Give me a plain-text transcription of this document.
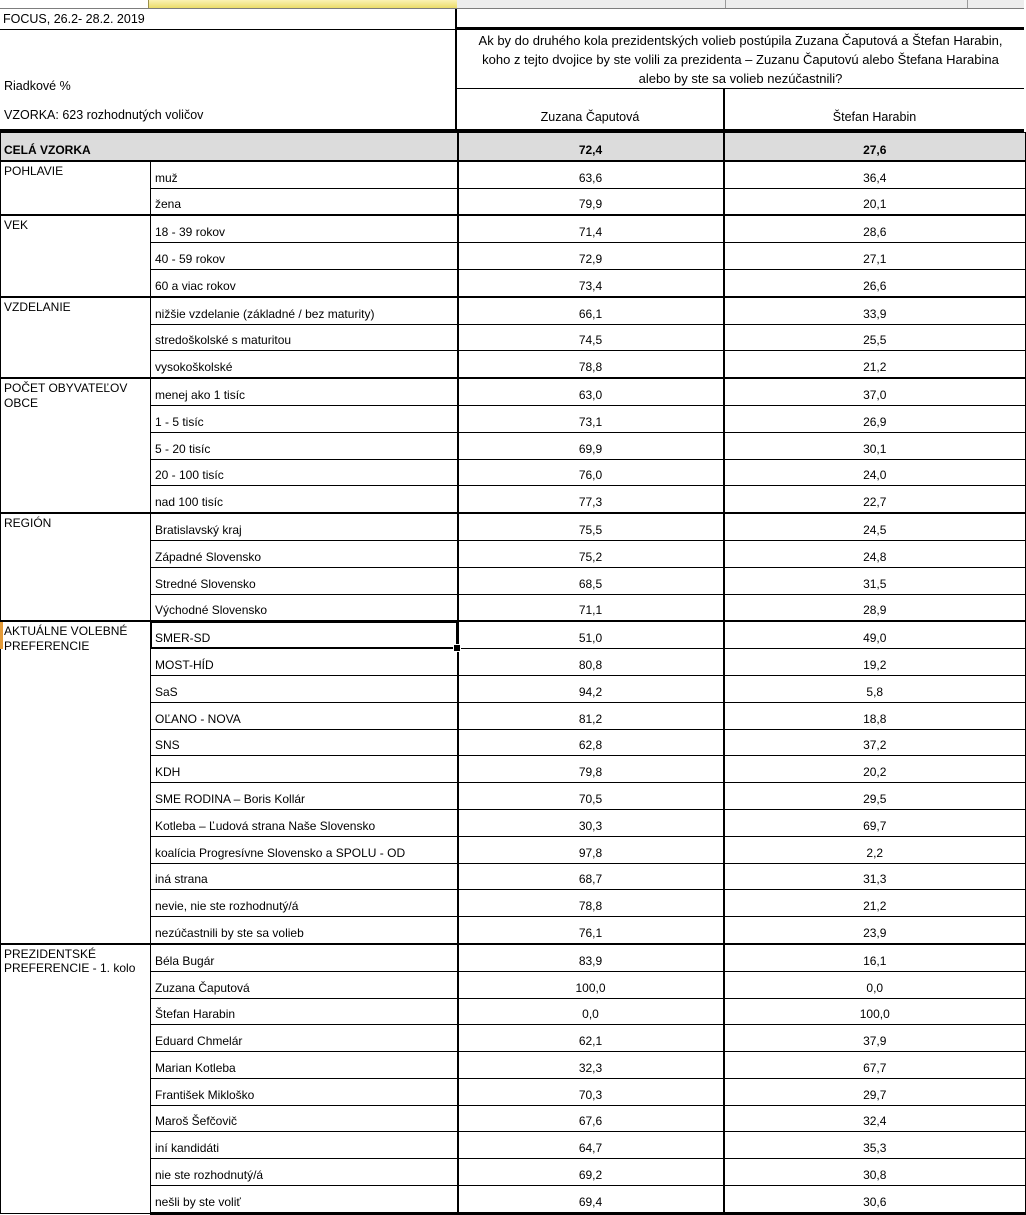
FOCUS, 26.2- 28.2. 2019
Riadkové %
VZORKA: 623 rozhodnutých voličov
Ak by do druhého kola prezidentských volieb postúpila Zuzana Čaputová a Štefan Harabin, koho z tejto dvojice by ste volili za prezidenta – Zuzanu Čaputovú alebo Štefana Harabina alebo by ste sa volieb nezúčastnili?
Zuzana Čaputová	Štefan Harabin
CELÁ VZORKA		72,4	27,6
POHLAVIE	muž	63,6	36,4
	žena	79,9	20,1
VEK	18 - 39 rokov	71,4	28,6
	40 - 59 rokov	72,9	27,1
	60 a viac rokov	73,4	26,6
VZDELANIE	nižšie vzdelanie (základné / bez maturity)	66,1	33,9
	stredoškolské s maturitou	74,5	25,5
	vysokoškolské	78,8	21,2
POČET OBYVATEĽOV OBCE	menej ako 1 tisíc	63,0	37,0
	1 - 5 tisíc	73,1	26,9
	5 - 20 tisíc	69,9	30,1
	20 - 100 tisíc	76,0	24,0
	nad 100 tisíc	77,3	22,7
REGIÓN	Bratislavský kraj	75,5	24,5
	Západné Slovensko	75,2	24,8
	Stredné Slovensko	68,5	31,5
	Východné Slovensko	71,1	28,9
AKTUÁLNE VOLEBNÉ PREFERENCIE	SMER-SD	51,0	49,0
	MOST-HÍD	80,8	19,2
	SaS	94,2	5,8
	OĽANO - NOVA	81,2	18,8
	SNS	62,8	37,2
	KDH	79,8	20,2
	SME RODINA – Boris Kollár	70,5	29,5
	Kotleba – Ľudová strana Naše Slovensko	30,3	69,7
	koalícia Progresívne Slovensko a SPOLU - OD	97,8	2,2
	iná strana	68,7	31,3
	nevie, nie ste rozhodnutý/á	78,8	21,2
	nezúčastnili by ste sa volieb	76,1	23,9
PREZIDENTSKÉ PREFERENCIE - 1. kolo	Béla Bugár	83,9	16,1
	Zuzana Čaputová	100,0	0,0
	Štefan Harabin	0,0	100,0
	Eduard Chmelár	62,1	37,9
	Marian Kotleba	32,3	67,7
	František Mikloško	70,3	29,7
	Maroš Šefčovič	67,6	32,4
	iní kandidáti	64,7	35,3
	nie ste rozhodnutý/á	69,2	30,8
	nešli by ste voliť	69,4	30,6
